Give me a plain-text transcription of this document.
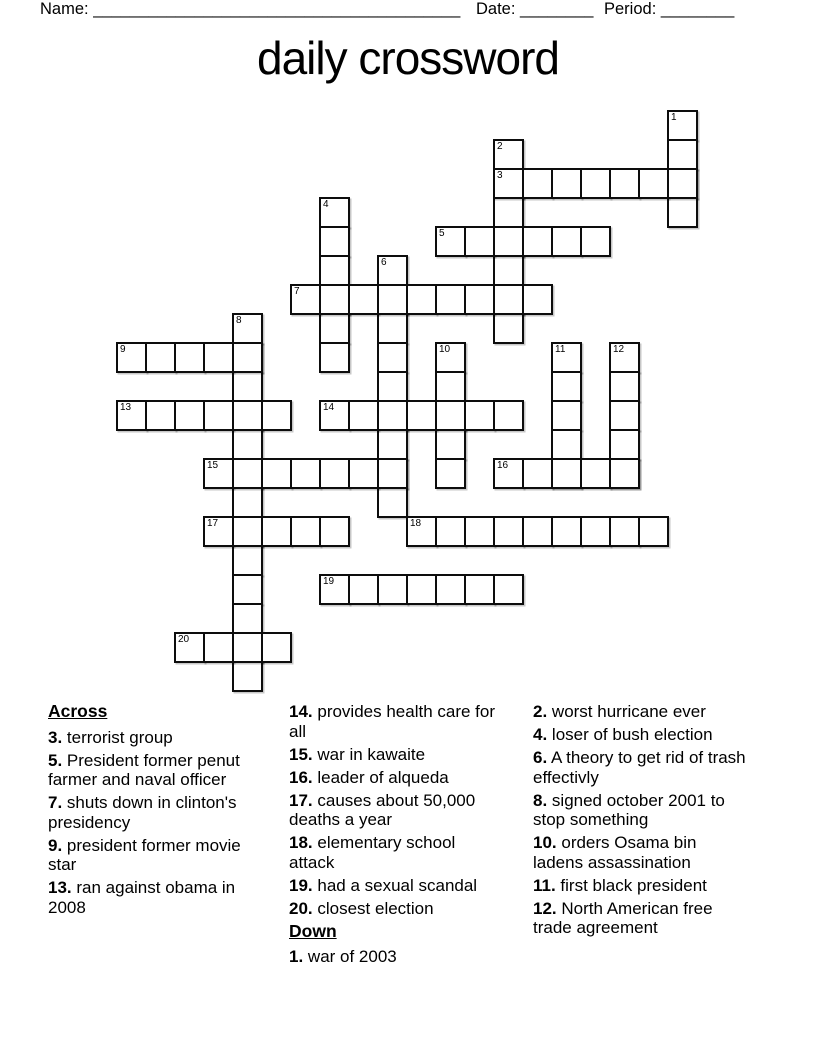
Name: ________________________________________ Date: ________ Period: ________
daily crossword
1
2
3
4
5
6
7
8
9	10	11	12
13	14
15	16
17	18
19
20
Across

3. terrorist group

5. President former penut farmer and naval officer

7. shuts down in clinton's presidency

9. president former movie star

13. ran against obama in 2008

14. provides health care for all

15. war in kawaite

16. leader of alqueda

17. causes about 50,000 deaths a year

18. elementary school attack

19. had a sexual scandal

20. closest election

Down

1. war of 2003

2. worst hurricane ever

4. loser of bush election

6. A theory to get rid of trash effectivly

8. signed october 2001 to stop something

10. orders Osama bin ladens assassination

11. first black president

12. North American free trade agreement
